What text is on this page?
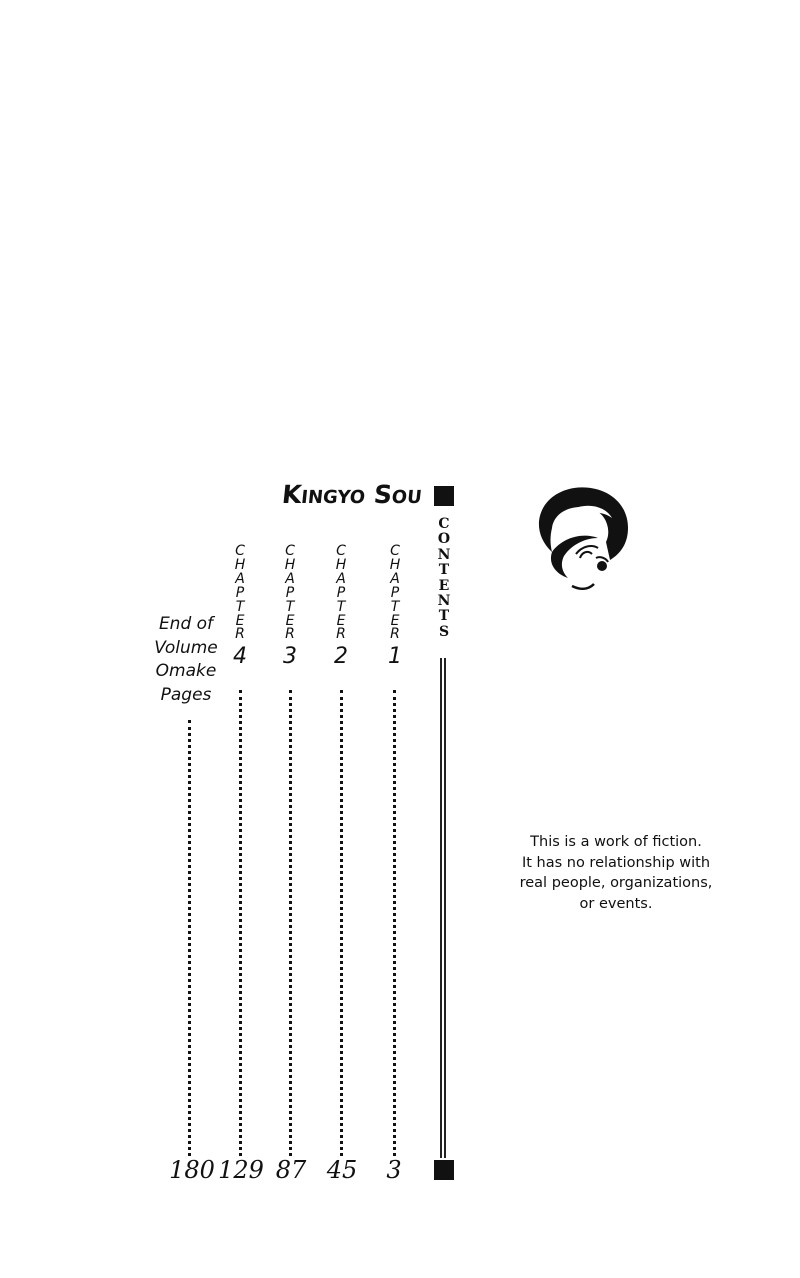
Kingyo Sou
C
O
N
T
E
N
T
S
C
H
A
P
T
E
R
4
C
H
A
P
T
E
R
3
C
H
A
P
T
E
R
2
C
H
A
P
T
E
R
1
End of
Volume
Omake
Pages
180 129 87 45 3
This is a work of fiction.
It has no relationship with
real people, organizations,
or events.
